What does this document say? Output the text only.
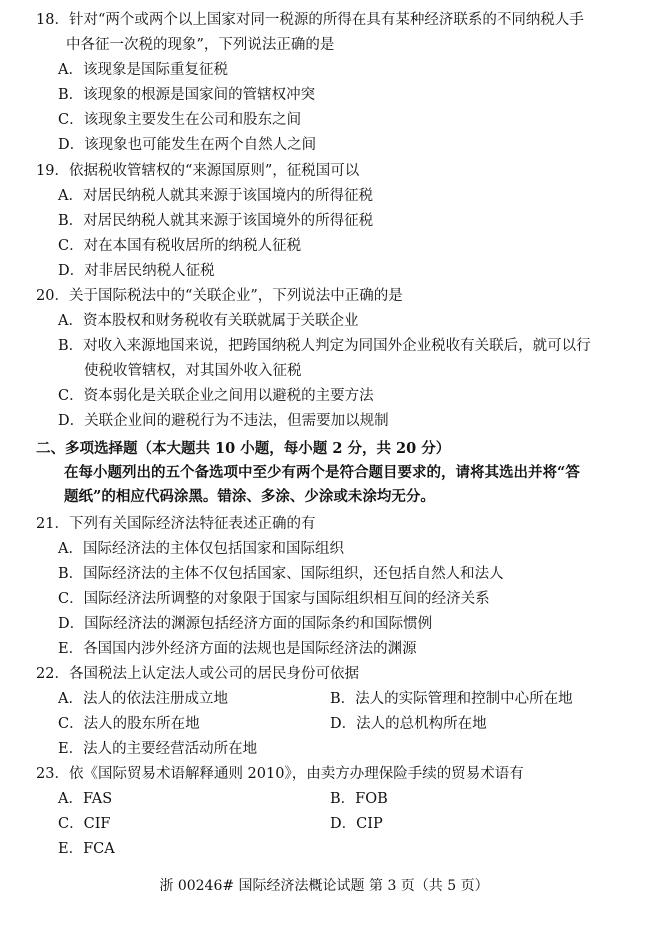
18．针对“两个或两个以上国家对同一税源的所得在具有某种经济联系的不同纳税人手
中各征一次税的现象”，下列说法正确的是
A．该现象是国际重复征税
B．该现象的根源是国家间的管辖权冲突
C．该现象主要发生在公司和股东之间
D．该现象也可能发生在两个自然人之间
19．依据税收管辖权的“来源国原则”，征税国可以
A．对居民纳税人就其来源于该国境内的所得征税
B．对居民纳税人就其来源于该国境外的所得征税
C．对在本国有税收居所的纳税人征税
D．对非居民纳税人征税
20．关于国际税法中的“关联企业”，下列说法中正确的是
A．资本股权和财务税收有关联就属于关联企业
B．对收入来源地国来说，把跨国纳税人判定为同国外企业税收有关联后，就可以行
使税收管辖权，对其国外收入征税
C．资本弱化是关联企业之间用以避税的主要方法
D．关联企业间的避税行为不违法，但需要加以规制
二、多项选择题（本大题共 10 小题，每小题 2 分，共 20 分）
在每小题列出的五个备选项中至少有两个是符合题目要求的，请将其选出并将“答
题纸”的相应代码涂黑。错涂、多涂、少涂或未涂均无分。
21．下列有关国际经济法特征表述正确的有
A．国际经济法的主体仅包括国家和国际组织
B．国际经济法的主体不仅包括国家、国际组织，还包括自然人和法人
C．国际经济法所调整的对象限于国家与国际组织相互间的经济关系
D．国际经济法的渊源包括经济方面的国际条约和国际惯例
E．各国国内涉外经济方面的法规也是国际经济法的渊源
22．各国税法上认定法人或公司的居民身份可依据
A．法人的依法注册成立地	B．法人的实际管理和控制中心所在地
C．法人的股东所在地	D．法人的总机构所在地
E．法人的主要经营活动所在地
23．依《国际贸易术语解释通则 2010》，由卖方办理保险手续的贸易术语有
A．FAS	B．FOB
C．CIF	D．CIP
E．FCA
浙 00246# 国际经济法概论试题 第 3 页（共 5 页）
